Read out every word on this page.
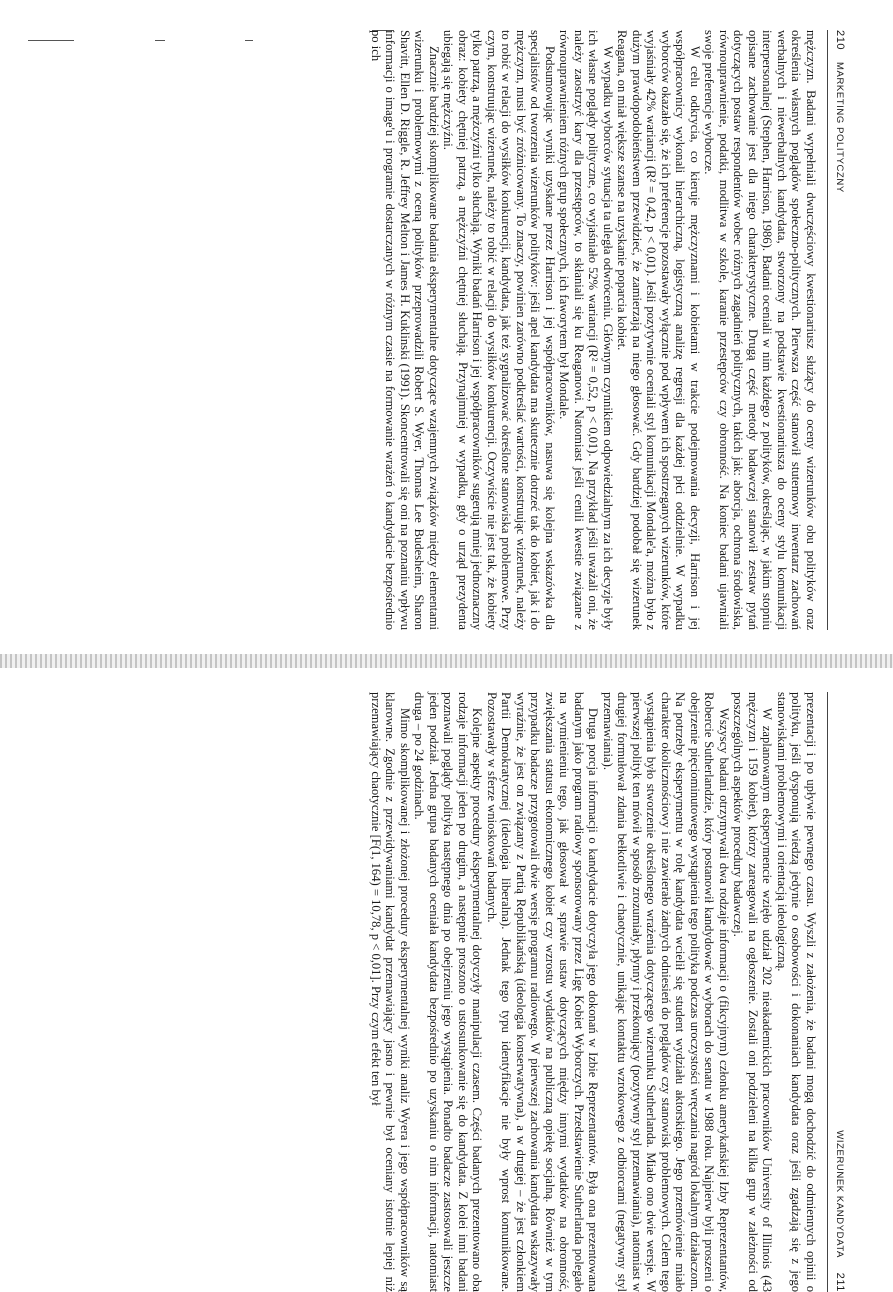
210
MARKETING POLITYCZNY

mężczyzn. Badani wypełniali dwuczęściowy kwestionariusz służący do oceny wizerunków obu polityków oraz określenia własnych poglądów społeczno-politycznych. Pierwsza część stanowił stutemowy inwentarz zachowań werbalnych i niewerbalnych kandydata, stworzony na podstawie kwestionariusza do oceny stylu komunikacji interpersonalnej (Stephen, Harrison, 1986). Badani oceniali w nim każdego z polityków, określając, w jakim stopniu opisane zachowanie jest dla niego charakterystyczne. Drugą część metody badawczej stanowił zestaw pytań dotyczących postaw respondentów wobec różnych zagadnień politycznych, takich jak: aborcja, ochrona środowiska, równouprawnienie, podatki, modlitwa w szkole, karanie przestępców czy obronność. Na koniec badani ujawniali swoje preferencje wyborcze.

W celu odkrycia, co kieruje mężczyznami i kobietami w trakcie podejmowania decyzji, Harrison i jej współpracownicy wykonali hierarchiczną, logistyczną analizę regresji dla każdej płci oddzielnie. W wypadku wyborców okazało się, że ich preferencje pozostawały wyłącznie pod wpływem ich spostrzeganych wizerunków, które wyjaśniały 42% wariancji (R² = 0,42, p < 0,01). Jeśli pozytywnie oceniali styl komunikacji Mondale'a, można było z dużym prawdopodobieństwem przewidzieć, że zamierzają na niego głosować. Gdy bardziej podobał się wizerunek Reagana, on miał większe szanse na uzyskanie poparcia kobiet.

W wypadku wyborców sytuacja ta uległa odwróceniu. Głównym czynnikiem odpowiedzialnym za ich decyzje były ich własne poglądy polityczne, co wyjaśniało 52% wariancji (R² = 0,52, p < 0,01). Na przykład jeśli uważali oni, że należy zaostrzyć kary dla przestępców, to skłaniali się ku Reaganowi. Natomiast jeśli cenili kwestie związane z równouprawnieniem różnych grup społecznych, ich faworytem był Mondale.

Podsumowując wyniki uzyskane przez Harrison i jej współpracowników, nasuwa się kolejna wskazówka dla specjalistów od tworzenia wizerunków polityków: jeśli apel kandydata ma skutecznie dotrzeć tak do kobiet, jak i do mężczyzn, musi być zróżnicowany. To znaczy, powinien zarówno podkreślać wartości, konstruując wizerunek, należy to robić w relacji do wysiłków konkurencji, kandydata, jak też sygnalizować określone stanowiska problemowe. Przy czym, konstruując wizerunek, należy to robić w relacji do wysiłków konkurencji. Oczywiście nie jest tak, że kobiety tylko patrzą, a mężczyźni tylko słuchają. Wyniki badań Harrison i jej współpracowników sugerują mniej jednoznaczny obraz: kobiety chętniej patrzą, a mężczyźni chętniej słuchają. Przynajmniej w wypadku, gdy o urząd prezydenta ubiegają się mężczyźni.

Znacznie bardziej skomplikowane badania eksperymentalne dotyczące wzajemnych związków między elementami wizerunku i problemowymi z oceną polityków przeprowadzili Robert S. Wyer, Thomas Lee Budesheim, Sharon Shavitt, Ellen D. Riggle, R. Jeffrey Melton i James H. Kuklinski (1991). Skoncentrowali się oni na poznaniu wpływu informacji o image'u i programie dostarczanych w różnym czasie na formowanie wrażeń o kandydacie bezpośrednio po ich

WIZERUNEK KANDYDATA
211

prezentacji i po upływie pewnego czasu. Wyszli z założenia, że badani mogą dochodzić do odmiennych opinii o polityku, jeśli dysponują wiedzą jedynie o osobowości i dokonaniach kandydata oraz jeśli zgadzają się z jego stanowiskami problemowymi i orientacją ideologiczną.

W zaplanowanym eksperymencie wzięło udział 202 nieakademickich pracowników University of Illinois (43 mężczyzn i 159 kobiet), którzy zareagowali na ogłoszenie. Zostali oni podzieleni na kilka grup w zależności od poszczególnych aspektów procedury badawczej.

Wszyscy badani otrzymywali dwa rodzaje informacji o (fikcyjnym) członku amerykańskiej Izby Reprezentantów, Robercie Sutherlandzie, który postanowił kandydować w wyborach do senatu w 1988 roku. Najpierw byli proszeni o obejrzenie pięciominutowego wystąpienia tego polityka podczas uroczystości wręczania nagród lokalnym działaczom. Na potrzeby eksperymentu w rolę kandydata wcielił się student wydziału aktorskiego. Jego przemówienie miało charakter okolicznościowy i nie zawierało żadnych odniesień do poglądów czy stanowisk problemowych. Celem tego wystąpienia było stworzenie określonego wrażenia dotyczącego wizerunku Sutherlanda. Miało ono dwie wersje. W pierwszej polityk ten mówił w sposób zrozumiały, płynny i przekonujący (pozytywny styl przemawiania), natomiast w drugiej formułował zdania bełkotliwie i chaotycznie, unikając kontaktu wzrokowego z odbiorcami (negatywny styl przemawiania).

Druga porcja informacji o kandydacie dotyczyła jego dokonań w Izbie Reprezentantów. Była ona prezentowana badanym jako program radiowy sponsorowany przez Ligę Kobiet Wyborczych. Przedstawienie Sutherlanda polegało na wymienieniu tego, jak głosował w sprawie ustaw dotyczących między innymi wydatków na obronność, zwiększania statusu ekonomicznego kobiet czy wzrostu wydatków na publiczną opiekę socjalną. Również w tym przypadku badacze przygotowali dwie wersje programu radiowego. W pierwszej zachowania kandydata wskazywały wyraźnie, że jest on związany z Partią Republikańską (ideologia konserwatywna), a w drugiej – że jest członkiem Partii Demokratycznej (ideologia liberalna). Jednak tego typu identyfikacje nie były wprost komunikowane. Pozostawały w sferze wnioskowań badanych.

Kolejne aspekty procedury eksperymentalnej dotyczyły manipulacji czasem. Części badanych prezentowano oba rodzaje informacji jeden po drugim, a następnie proszono o ustosunkowanie się do kandydata. Z kolei inni badani poznawali poglądy polityka następnego dnia po obejrzeniu jego wystąpienia. Ponadto badacze zastosowali jeszcze jeden podział. Jedna grupa badanych oceniała kandydata bezpośrednio po uzyskaniu o nim informacji, natomiast druga – po 24 godzinach.

Mimo skomplikowanej i złożonej procedury eksperymentalnej wyniki analiz Wyera i jego współpracowników są klarowne. Zgodnie z przewidywaniami kandydat przemawiający jasno i pewnie był oceniany istotnie lepiej niż przemawiający chaotycznie [F(1, 164) = 10,78, p < 0,01]. Przy czym efekt ten był
